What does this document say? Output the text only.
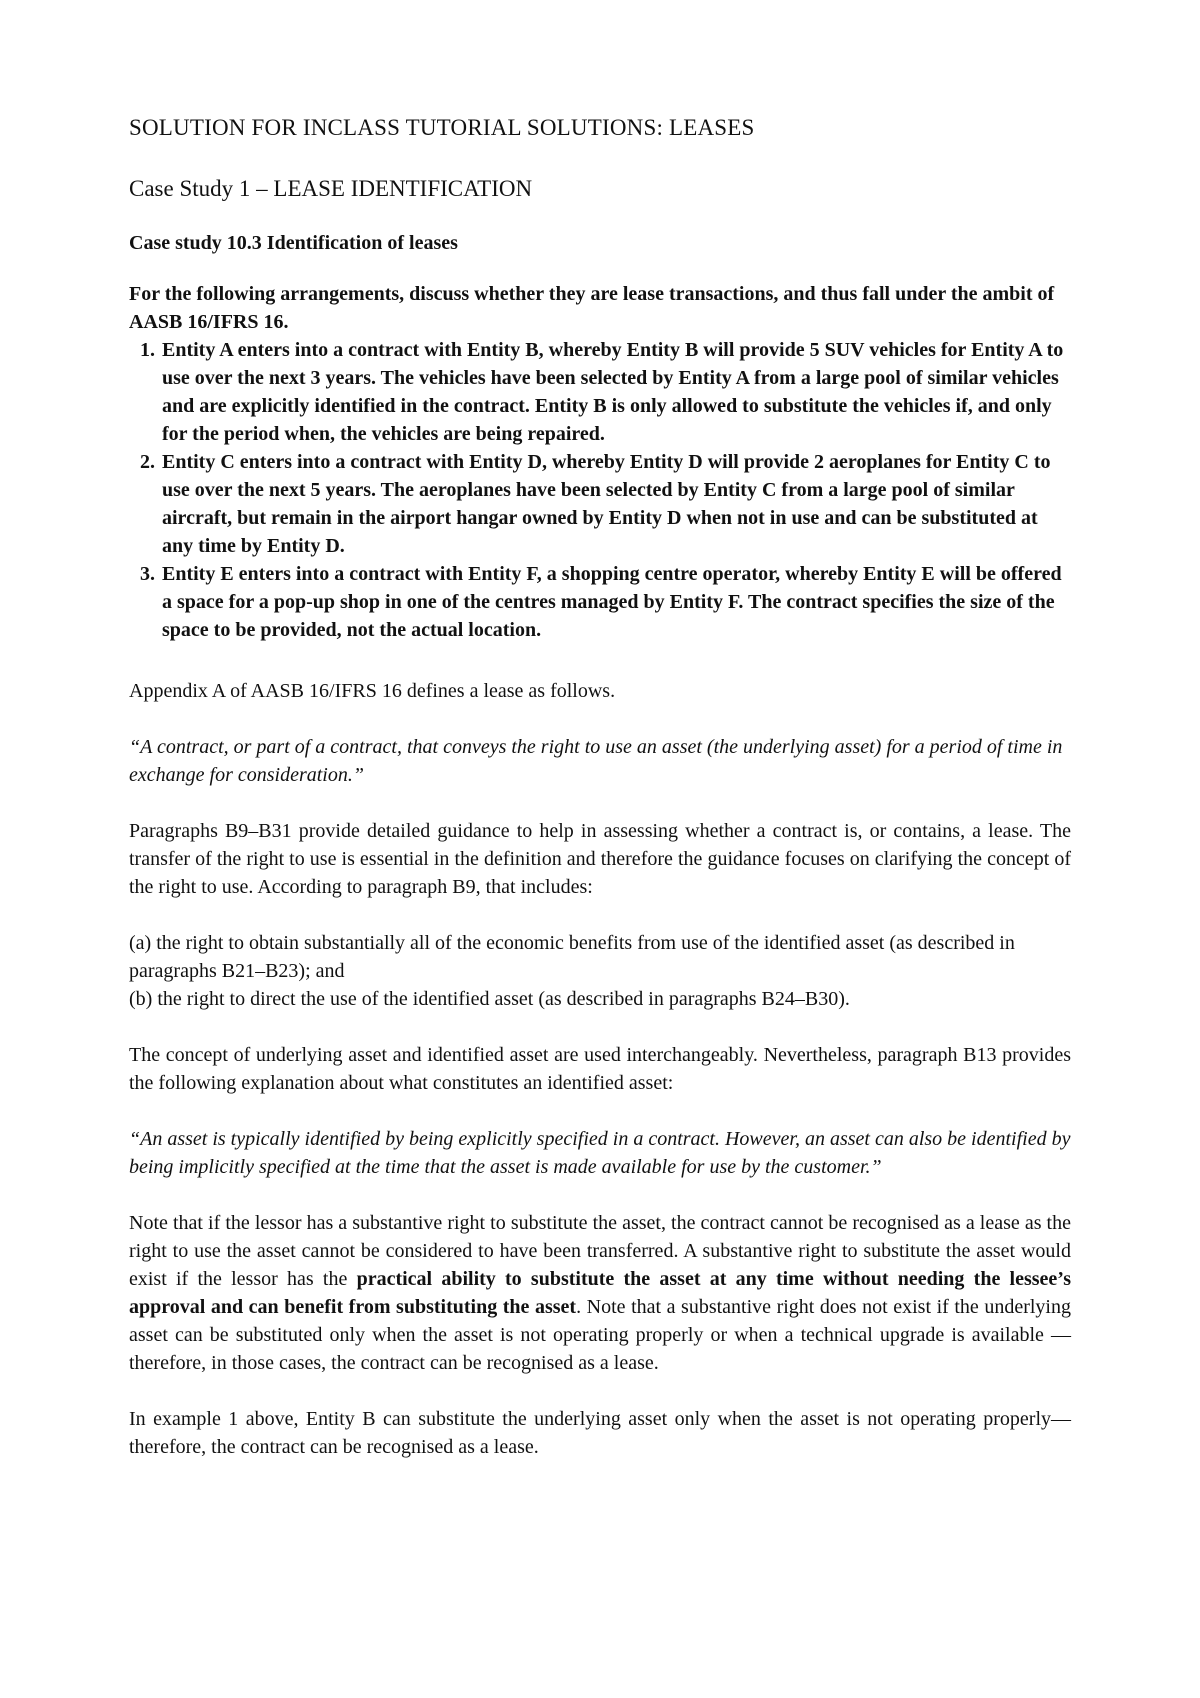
SOLUTION FOR INCLASS TUTORIAL SOLUTIONS: LEASES
Case Study 1 – LEASE IDENTIFICATION
Case study 10.3 Identification of leases

For the following arrangements, discuss whether they are lease transactions, and thus fall under the ambit of AASB 16/IFRS 16.

1. Entity A enters into a contract with Entity B, whereby Entity B will provide 5 SUV vehicles for Entity A to use over the next 3 years. The vehicles have been selected by Entity A from a large pool of similar vehicles and are explicitly identified in the contract. Entity B is only allowed to substitute the vehicles if, and only for the period when, the vehicles are being repaired.
2. Entity C enters into a contract with Entity D, whereby Entity D will provide 2 aeroplanes for Entity C to use over the next 5 years. The aeroplanes have been selected by Entity C from a large pool of similar aircraft, but remain in the airport hangar owned by Entity D when not in use and can be substituted at any time by Entity D.
3. Entity E enters into a contract with Entity F, a shopping centre operator, whereby Entity E will be offered a space for a pop-up shop in one of the centres managed by Entity F. The contract specifies the size of the space to be provided, not the actual location.

Appendix A of AASB 16/IFRS 16 defines a lease as follows.

“A contract, or part of a contract, that conveys the right to use an asset (the underlying asset) for a period of time in exchange for consideration.”

Paragraphs B9–B31 provide detailed guidance to help in assessing whether a contract is, or contains, a lease. The transfer of the right to use is essential in the definition and therefore the guidance focuses on clarifying the concept of the right to use. According to paragraph B9, that includes:

(a) the right to obtain substantially all of the economic benefits from use of the identified asset (as described in paragraphs B21–B23); and

(b) the right to direct the use of the identified asset (as described in paragraphs B24–B30).

The concept of underlying asset and identified asset are used interchangeably. Nevertheless, paragraph B13 provides the following explanation about what constitutes an identified asset:

“An asset is typically identified by being explicitly specified in a contract. However, an asset can also be identified by being implicitly specified at the time that the asset is made available for use by the customer.”

Note that if the lessor has a substantive right to substitute the asset, the contract cannot be recognised as a lease as the right to use the asset cannot be considered to have been transferred. A substantive right to substitute the asset would exist if the lessor has the practical ability to substitute the asset at any time without needing the lessee’s approval and can benefit from substituting the asset. Note that a substantive right does not exist if the underlying asset can be substituted only when the asset is not operating properly or when a technical upgrade is available — therefore, in those cases, the contract can be recognised as a lease.

In example 1 above, Entity B can substitute the underlying asset only when the asset is not operating properly— therefore, the contract can be recognised as a lease.
